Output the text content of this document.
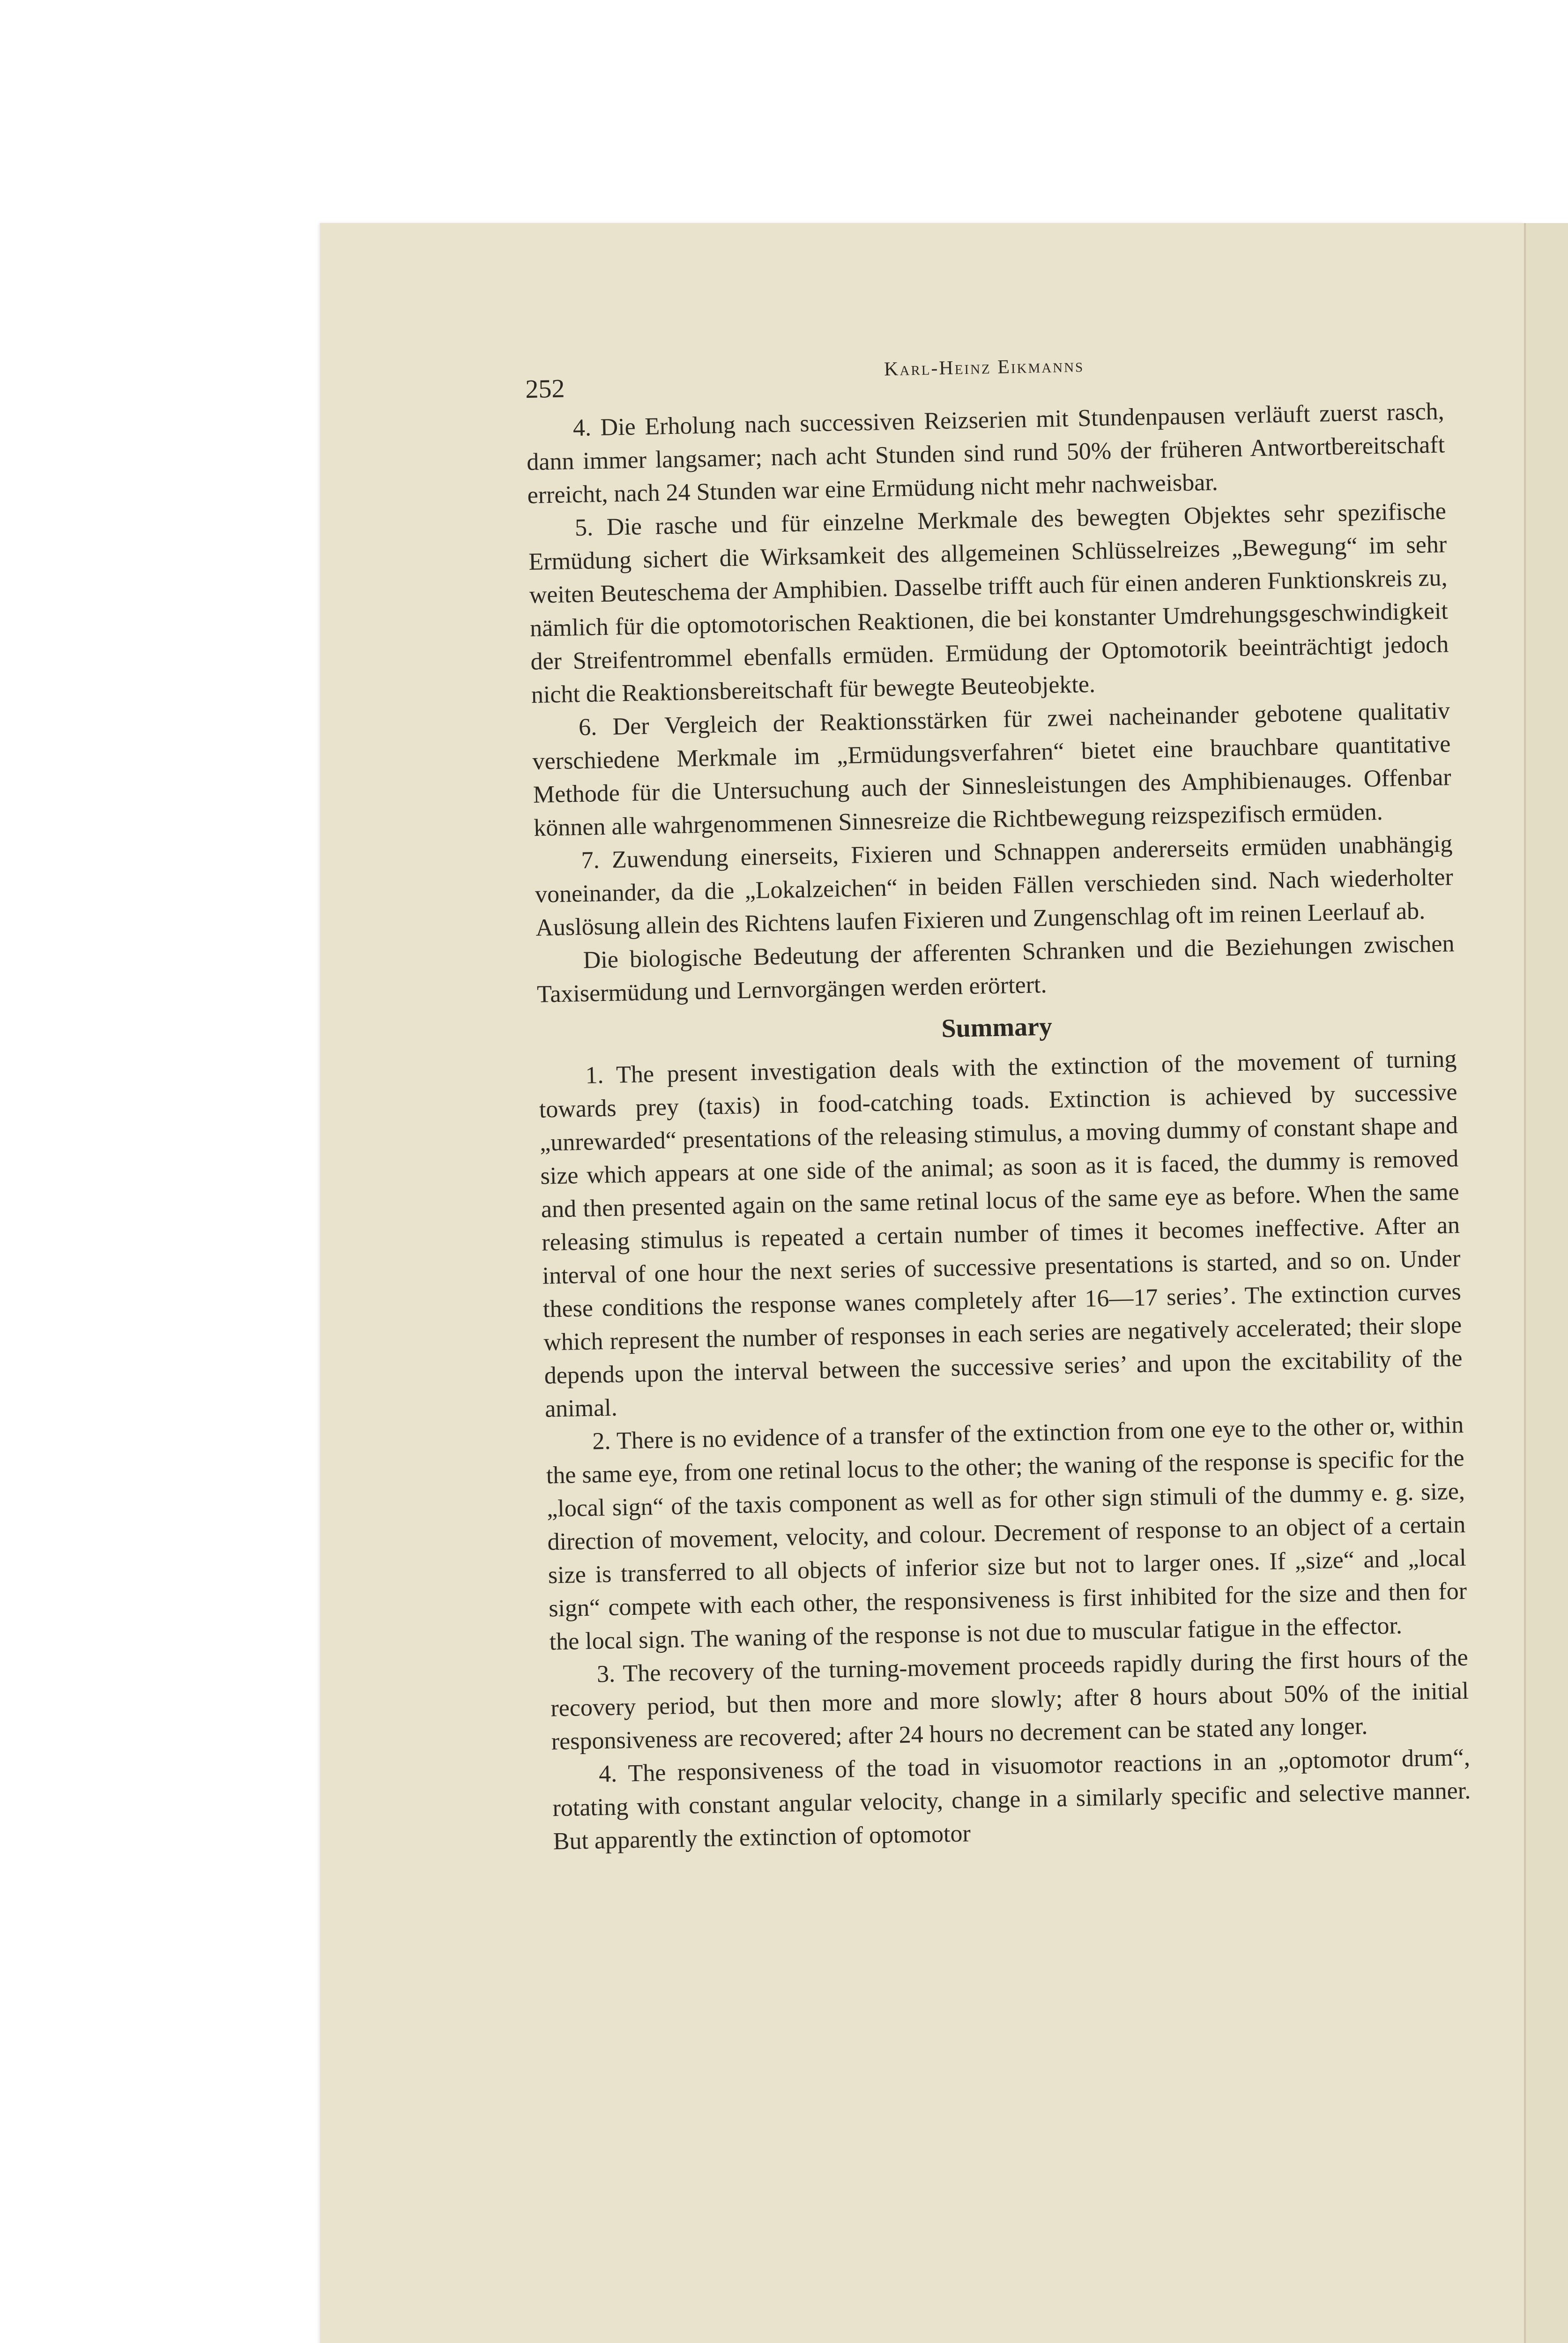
252
Karl-Heinz Eikmanns

4. Die Erholung nach successiven Reizserien mit Stundenpausen verläuft zuerst rasch, dann immer langsamer; nach acht Stunden sind rund 50% der früheren Antwortbereitschaft erreicht, nach 24 Stunden war eine Ermüdung nicht mehr nachweisbar.

5. Die rasche und für einzelne Merkmale des bewegten Objektes sehr spezifische Ermüdung sichert die Wirksamkeit des allgemeinen Schlüsselreizes „Bewegung“ im sehr weiten Beuteschema der Amphibien. Dasselbe trifft auch für einen anderen Funktionskreis zu, nämlich für die optomotorischen Reaktionen, die bei konstanter Umdrehungsgeschwindigkeit der Streifentrommel ebenfalls ermüden. Ermüdung der Optomotorik beeinträchtigt jedoch nicht die Reaktionsbereitschaft für bewegte Beuteobjekte.

6. Der Vergleich der Reaktionsstärken für zwei nacheinander gebotene qualitativ verschiedene Merkmale im „Ermüdungsverfahren“ bietet eine brauchbare quantitative Methode für die Untersuchung auch der Sinnesleistungen des Amphibienauges. Offenbar können alle wahrgenommenen Sinnesreize die Richtbewegung reizspezifisch ermüden.

7. Zuwendung einerseits, Fixieren und Schnappen andererseits ermüden unabhängig voneinander, da die „Lokalzeichen“ in beiden Fällen verschieden sind. Nach wiederholter Auslösung allein des Richtens laufen Fixieren und Zungenschlag oft im reinen Leerlauf ab.

Die biologische Bedeutung der afferenten Schranken und die Beziehungen zwischen Taxisermüdung und Lernvorgängen werden erörtert.

Summary

1. The present investigation deals with the extinction of the movement of turning towards prey (taxis) in food-catching toads. Extinction is achieved by successive „unrewarded“ presentations of the releasing stimulus, a moving dummy of constant shape and size which appears at one side of the animal; as soon as it is faced, the dummy is removed and then presented again on the same retinal locus of the same eye as before. When the same releasing stimulus is repeated a certain number of times it becomes ineffective. After an interval of one hour the next series of successive presentations is started, and so on. Under these conditions the response wanes completely after 16—17 series’. The extinction curves which represent the number of responses in each series are negatively accelerated; their slope depends upon the interval between the successive series’ and upon the excitability of the animal.

2. There is no evidence of a transfer of the extinction from one eye to the other or, within the same eye, from one retinal locus to the other; the waning of the response is specific for the „local sign“ of the taxis component as well as for other sign stimuli of the dummy e. g. size, direction of movement, velocity, and colour. Decrement of response to an object of a certain size is transferred to all objects of inferior size but not to larger ones. If „size“ and „local sign“ compete with each other, the responsiveness is first inhibited for the size and then for the local sign. The waning of the response is not due to muscular fatigue in the effector.

3. The recovery of the turning-movement proceeds rapidly during the first hours of the recovery period, but then more and more slowly; after 8 hours about 50% of the initial responsiveness are recovered; after 24 hours no decrement can be stated any longer.

4. The responsiveness of the toad in visuomotor reactions in an „optomotor drum“, rotating with constant angular velocity, change in a similarly specific and selective manner. But apparently the extinction of optomotor
